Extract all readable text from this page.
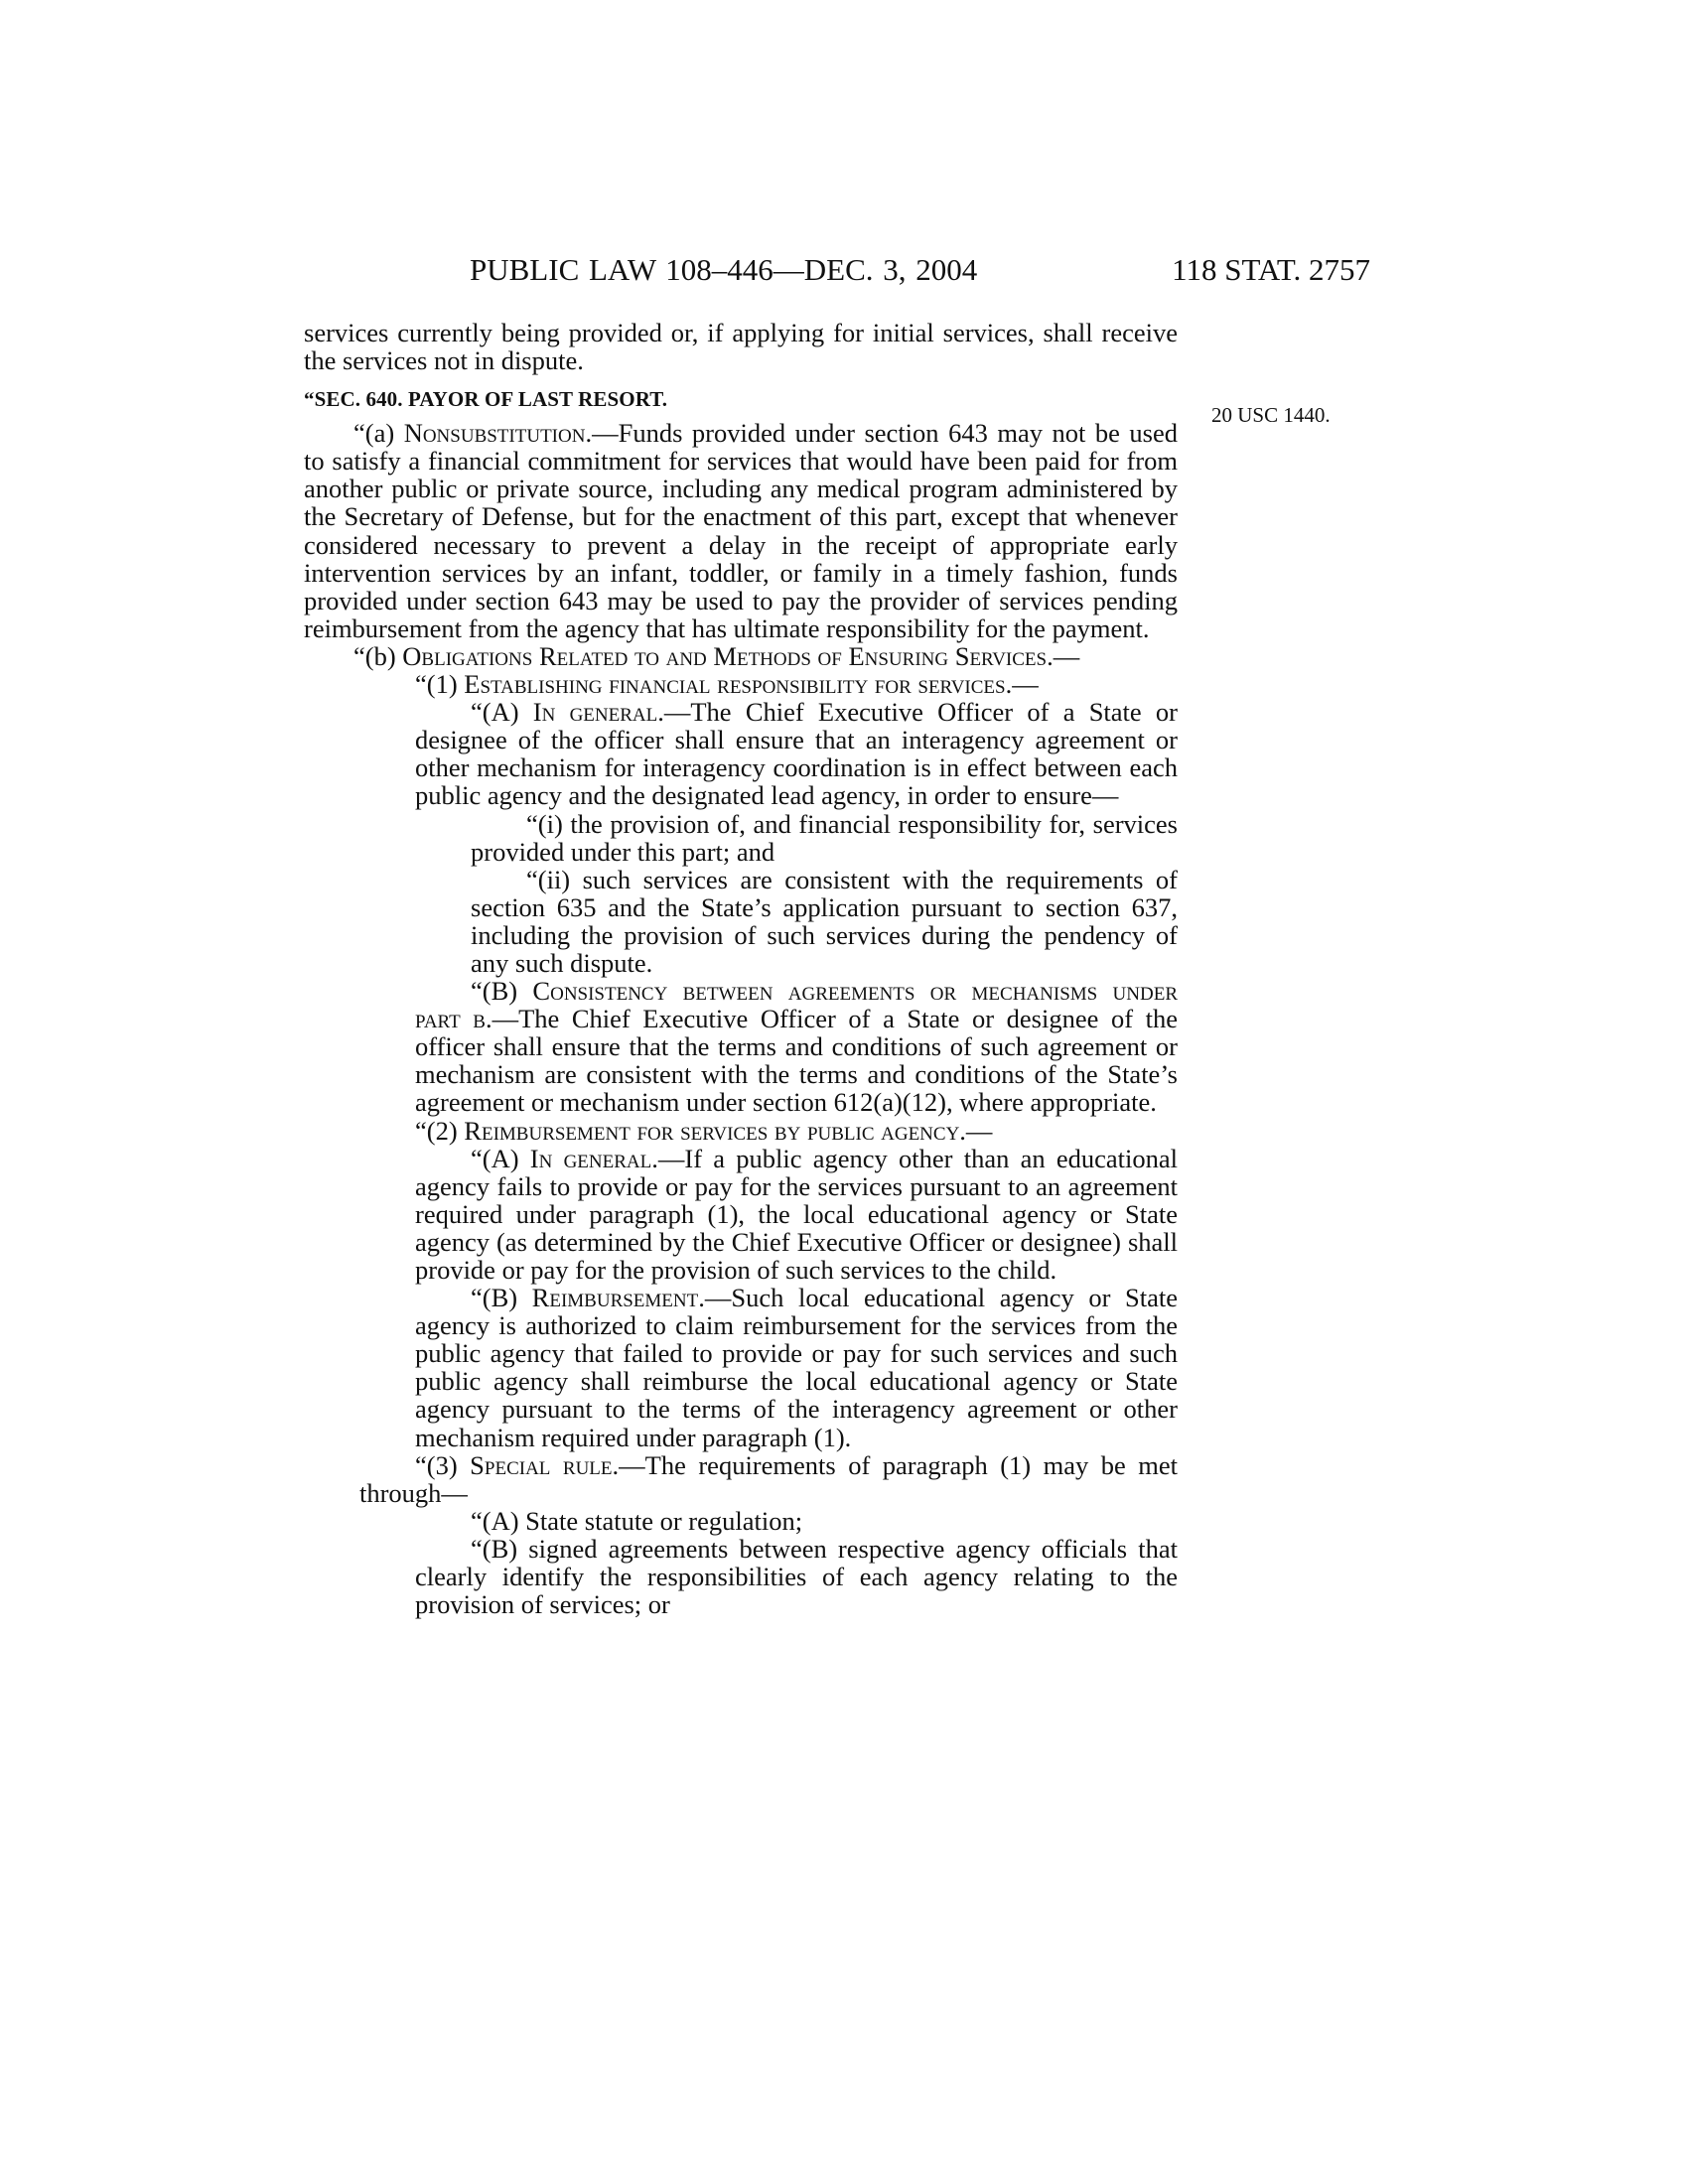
PUBLIC LAW 108–446—DEC. 3, 2004	118 STAT. 2757
20 USC 1440.

services currently being provided or, if applying for initial services, shall receive the services not in dispute.

“SEC. 640. PAYOR OF LAST RESORT.

“(a) Nonsubstitution.—Funds provided under section 643 may not be used to satisfy a financial commitment for services that would have been paid for from another public or private source, including any medical program administered by the Secretary of Defense, but for the enactment of this part, except that whenever considered necessary to prevent a delay in the receipt of appropriate early intervention services by an infant, toddler, or family in a timely fashion, funds provided under section 643 may be used to pay the provider of services pending reimbursement from the agency that has ultimate responsibility for the payment.

“(b) Obligations Related to and Methods of Ensuring Services.—

“(1) Establishing financial responsibility for services.—

“(A) In general.—The Chief Executive Officer of a State or designee of the officer shall ensure that an interagency agreement or other mechanism for interagency coordination is in effect between each public agency and the designated lead agency, in order to ensure—

“(i) the provision of, and financial responsibility for, services provided under this part; and

“(ii) such services are consistent with the requirements of section 635 and the State’s application pursuant to section 637, including the provision of such services during the pendency of any such dispute.

“(B) Consistency between agreements or mechanisms under part b.—The Chief Executive Officer of a State or designee of the officer shall ensure that the terms and conditions of such agreement or mechanism are consistent with the terms and conditions of the State’s agreement or mechanism under section 612(a)(12), where appropriate.

“(2) Reimbursement for services by public agency.—

“(A) In general.—If a public agency other than an educational agency fails to provide or pay for the services pursuant to an agreement required under paragraph (1), the local educational agency or State agency (as determined by the Chief Executive Officer or designee) shall provide or pay for the provision of such services to the child.

“(B) Reimbursement.—Such local educational agency or State agency is authorized to claim reimbursement for the services from the public agency that failed to provide or pay for such services and such public agency shall reimburse the local educational agency or State agency pursuant to the terms of the interagency agreement or other mechanism required under paragraph (1).

“(3) Special rule.—The requirements of paragraph (1) may be met through—

“(A) State statute or regulation;

“(B) signed agreements between respective agency officials that clearly identify the responsibilities of each agency relating to the provision of services; or
